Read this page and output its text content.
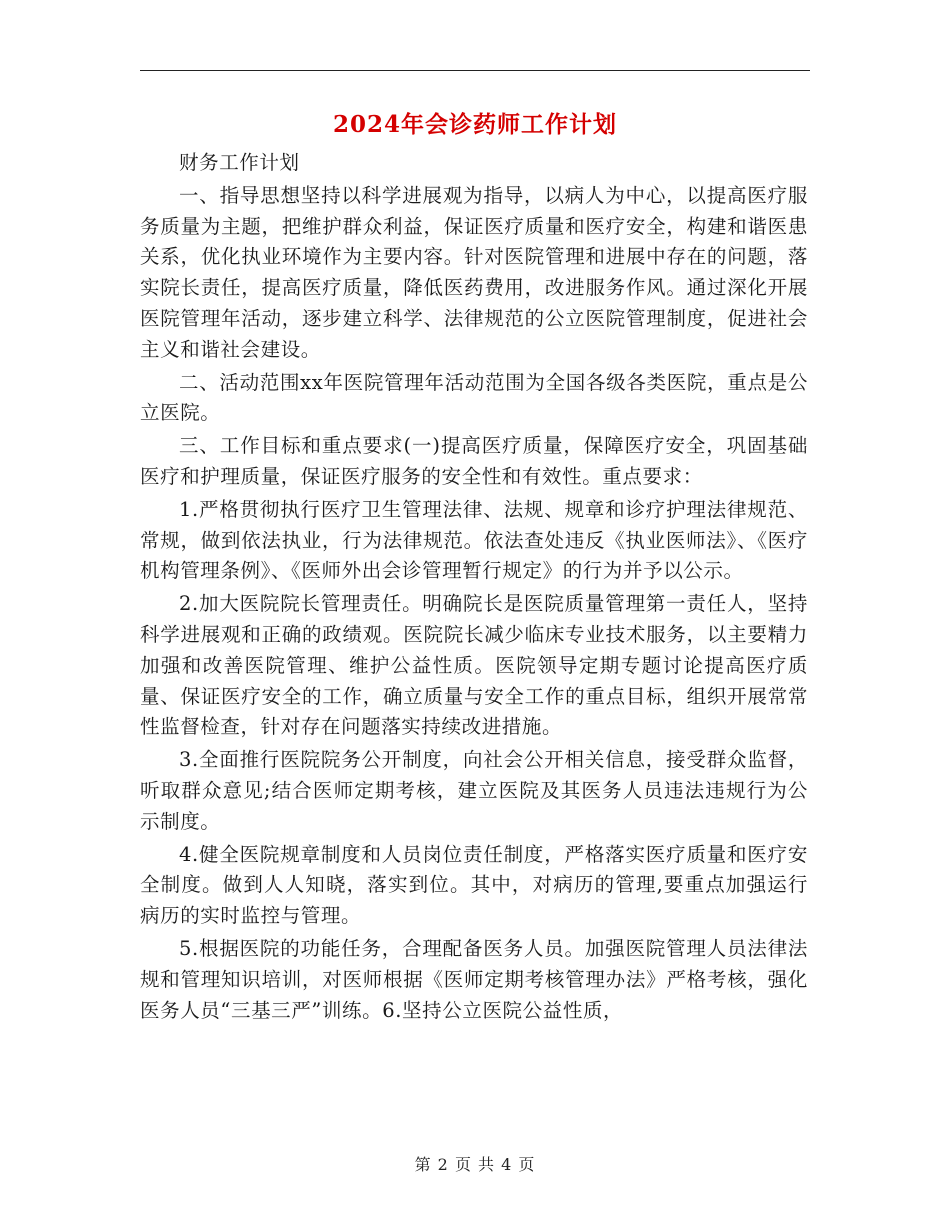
2024年会诊药师工作计划

财务工作计划

一、指导思想坚持以科学进展观为指导，以病人为中心，以提高医疗服务质量为主题，把维护群众利益，保证医疗质量和医疗安全，构建和谐医患关系，优化执业环境作为主要内容。针对医院管理和进展中存在的问题，落实院长责任，提高医疗质量，降低医药费用，改进服务作风。通过深化开展医院管理年活动，逐步建立科学、法律规范的公立医院管理制度，促进社会主义和谐社会建设。

二、活动范围xx年医院管理年活动范围为全国各级各类医院，重点是公立医院。

三、工作目标和重点要求(一)提高医疗质量，保障医疗安全，巩固基础医疗和护理质量，保证医疗服务的安全性和有效性。重点要求：

1.严格贯彻执行医疗卫生管理法律、法规、规章和诊疗护理法律规范、常规，做到依法执业，行为法律规范。依法查处违反《执业医师法》、《医疗机构管理条例》、《医师外出会诊管理暂行规定》的行为并予以公示。

2.加大医院院长管理责任。明确院长是医院质量管理第一责任人，坚持科学进展观和正确的政绩观。医院院长减少临床专业技术服务，以主要精力加强和改善医院管理、维护公益性质。医院领导定期专题讨论提高医疗质量、保证医疗安全的工作，确立质量与安全工作的重点目标，组织开展常常性监督检查，针对存在问题落实持续改进措施。

3.全面推行医院院务公开制度，向社会公开相关信息，接受群众监督，听取群众意见;结合医师定期考核，建立医院及其医务人员违法违规行为公示制度。

4.健全医院规章制度和人员岗位责任制度，严格落实医疗质量和医疗安全制度。做到人人知晓，落实到位。其中，对病历的管理,要重点加强运行病历的实时监控与管理。

5.根据医院的功能任务，合理配备医务人员。加强医院管理人员法律法规和管理知识培训，对医师根据《医师定期考核管理办法》严格考核，强化医务人员“三基三严”训练。6.坚持公立医院公益性质，

第 2 页 共 4 页
